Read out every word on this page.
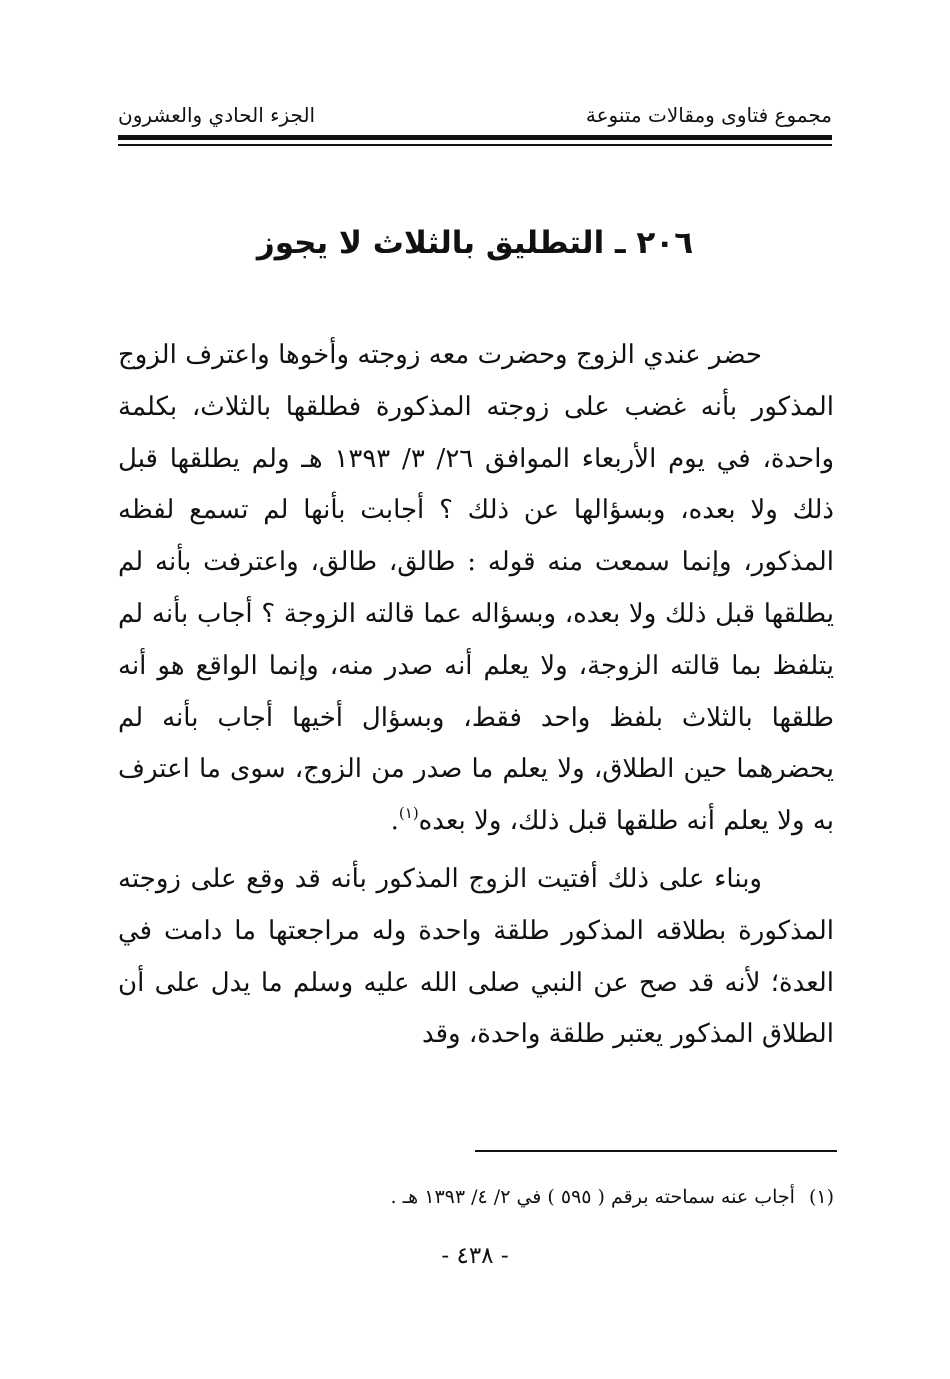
مجموع فتاوى ومقالات متنوعة
الجزء الحادي والعشرون
٢٠٦ ـ التطليق بالثلاث لا يجوز

حضر عندي الزوج وحضرت معه زوجته وأخوها واعترف الزوج المذكور بأنه غضب على زوجته المذكورة فطلقها بالثلاث، بكلمة واحدة، في يوم الأربعاء الموافق ٢٦/ ٣/ ١٣٩٣ هـ ولم يطلقها قبل ذلك ولا بعده، وبسؤالها عن ذلك ؟ أجابت بأنها لم تسمع لفظه المذكور، وإنما سمعت منه قوله : طالق، طالق، واعترفت بأنه لم يطلقها قبل ذلك ولا بعده، وبسؤاله عما قالته الزوجة ؟ أجاب بأنه لم يتلفظ بما قالته الزوجة، ولا يعلم أنه صدر منه، وإنما الواقع هو أنه طلقها بالثلاث بلفظ واحد فقط، وبسؤال أخيها أجاب بأنه لم يحضرهما حين الطلاق، ولا يعلم ما صدر من الزوج، سوى ما اعترف به ولا يعلم أنه طلقها قبل ذلك، ولا بعده$^{(١)}$.

وبناء على ذلك أفتيت الزوج المذكور بأنه قد وقع على زوجته المذكورة بطلاقه المذكور طلقة واحدة وله مراجعتها ما دامت في العدة؛ لأنه قد صح عن النبي صلى الله عليه وسلم ما يدل على أن الطلاق المذكور يعتبر طلقة واحدة، وقد

(١)أجاب عنه سماحته برقم ( ٥٩٥ ) في ٢/ ٤/ ١٣٩٣ هـ .
- ٤٣٨ -
